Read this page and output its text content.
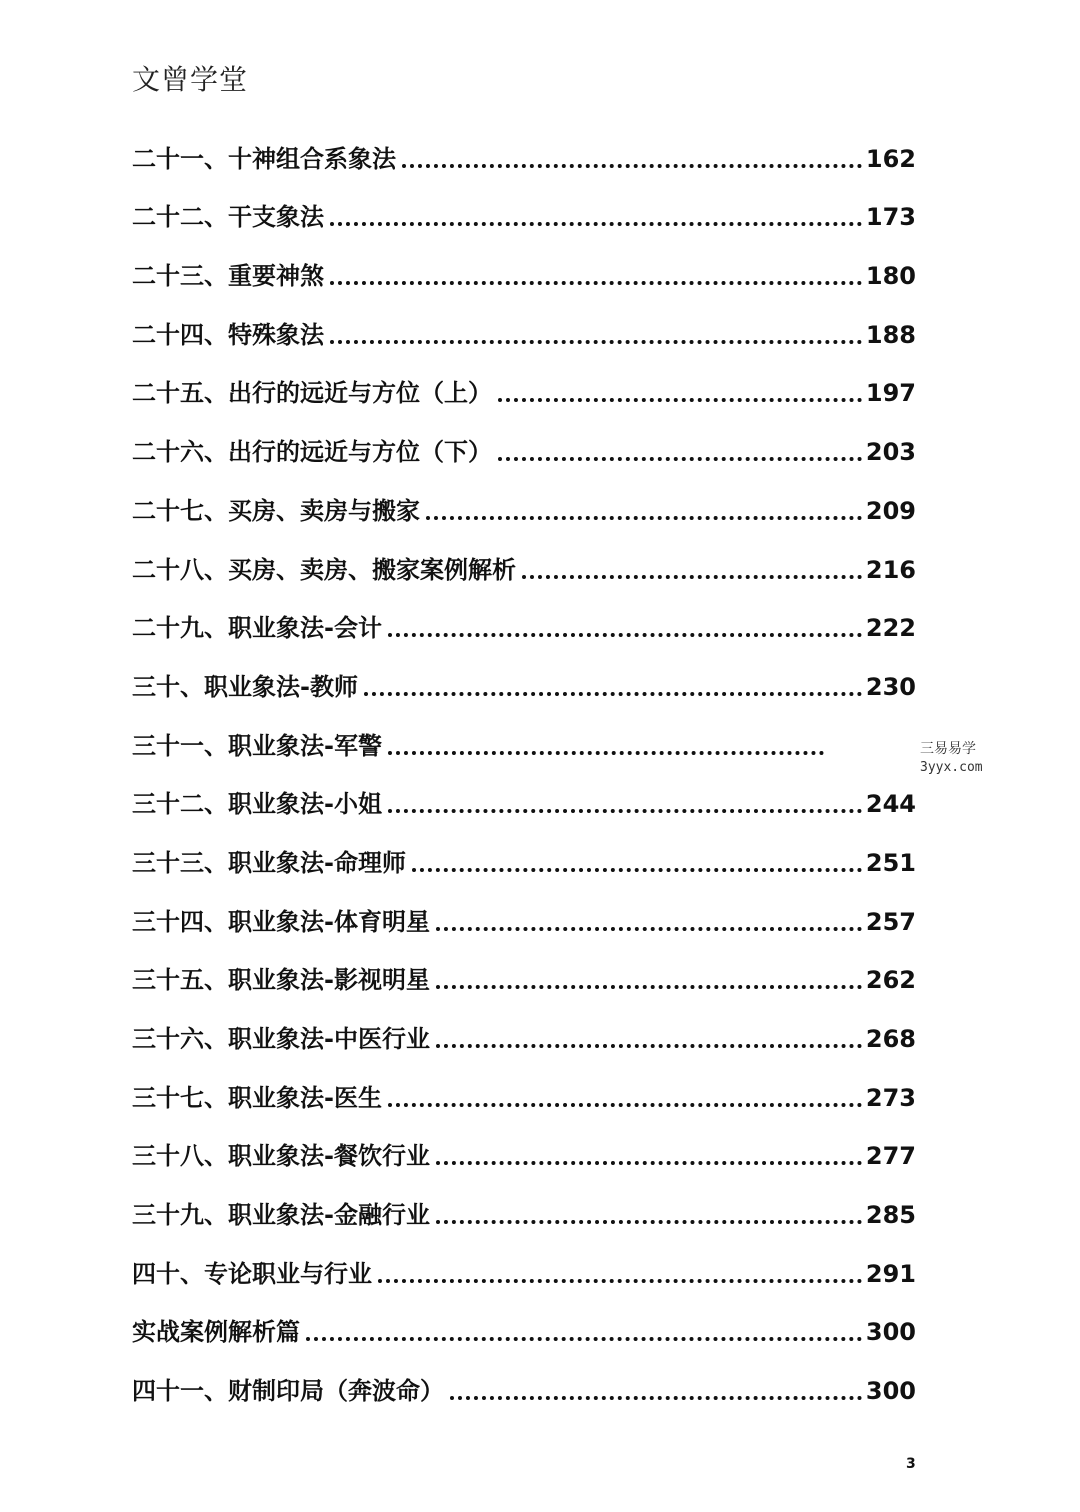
文曾学堂
二十一、十神组合系象法	162
二十二、干支象法	173
二十三、重要神煞	180
二十四、特殊象法	188
二十五、出行的远近与方位（上）	197
二十六、出行的远近与方位（下）	203
二十七、买房、卖房与搬家	209
二十八、买房、卖房、搬家案例解析	216
二十九、职业象法-会计	222
三十、职业象法-教师	230
三十一、职业象法-军警
三十二、职业象法-小姐	244
三十三、职业象法-命理师	251
三十四、职业象法-体育明星	257
三十五、职业象法-影视明星	262
三十六、职业象法-中医行业	268
三十七、职业象法-医生	273
三十八、职业象法-餐饮行业	277
三十九、职业象法-金融行业	285
四十、专论职业与行业	291
实战案例解析篇	300
四十一、财制印局（奔波命）	300
三易易学
3yyx.com
3
